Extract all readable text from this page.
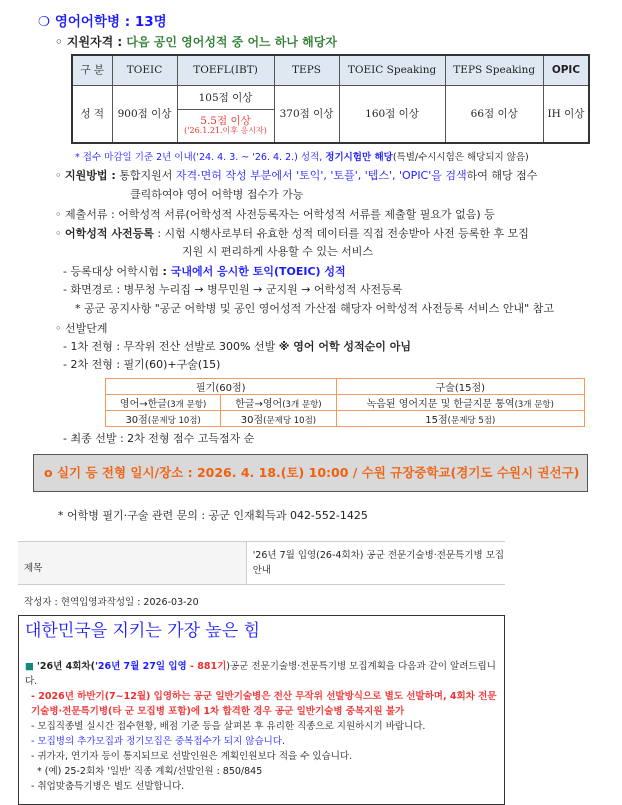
❍ 영어어학병 : 13명
◦ 지원자격 : 다음 공인 영어성적 중 어느 하나 해당자
구 분	TOEIC	TOEFL(IBT)	TEPS	TOEIC Speaking	TEPS Speaking	OPIC
성 적	900점 이상	105점 이상	370점 이상	160점 이상	66점 이상	IH 이상

		5.5점 이상
('26.1.21.이후 응시자)				
* 접수 마감일 기준 2년 이내('24. 4. 3. ~ '26. 4. 2.) 성적, 정기시험만 해당(특별/수시시험은 해당되지 않음)
◦ 지원방법 : 통합지원서 자격·면허 작성 부분에서 '토익', '토플', '텝스', 'OPIC'을 검색하여 해당 점수
클릭하여야 영어 어학병 접수가 가능
◦ 제출서류 : 어학성적 서류(어학성적 사전등록자는 어학성적 서류를 제출할 필요가 없음) 등
◦ 어학성적 사전등록 : 시험 시행사로부터 유효한 성적 데이터를 직접 전송받아 사전 등록한 후 모집
지원 시 편리하게 사용할 수 있는 서비스
- 등록대상 어학시험 : 국내에서 응시한 토익(TOEIC) 성적
- 화면경로 : 병무청 누리집 → 병무민원 → 군지원 → 어학성적 사전등록
* 공군 공지사항 "공군 어학병 및 공인 영어성적 가산점 해당자 어학성적 사전등록 서비스 안내" 참고
◦ 선발단계
- 1차 전형 : 무작위 전산 선발로 300% 선발 ※ 영어 어학 성적순이 아님
- 2차 전형 : 필기(60)+구술(15)
필기(60점)		구술(15점)
영어→한글(3개 문항)	한글→영어(3개 문항)	녹음된 영어지문 및 한글지문 통역(3개 문항)
30점(문제당 10점)	30점(문제당 10점)	15점(문제당 5점)
- 최종 선발 : 2차 전형 점수 고득점자 순
o 실기 등 전형 일시/장소 : 2026. 4. 18.(토) 10:00 / 수원 규장중학교(경기도 수원시 권선구)
* 어학병 필기·구술 관련 문의 : 공군 인재획득과 042-552-1425
제목
'26년 7월 입영(26-4회차) 공군 전문기술병·전문특기병 모집안내
작성자 : 현역입영과작성일 : 2026-03-20
대한민국을 지키는 가장 높은 힘
■ '26년 4회차('26년 7월 27일 입영 - 881기)공군 전문기술병·전문특기병 모집계획을 다음과 같이 알려드립니다.
- 2026년 하반기(7~12월) 입영하는 공군 일반기술병은 전산 무작위 선발방식으로 별도 선발하며, 4회차 전문기술병·전문특기병(타 군 모집병 포함)에 1차 합격한 경우 공군 일반기술병 중복지원 불가
- 모집직종별 실시간 접수현황, 배점 기준 등을 살펴본 후 유리한 직종으로 지원하시기 바랍니다.
- 모집병의 추가모집과 정기모집은 중복접수가 되지 않습니다.
- 귀가자, 연기자 등이 통지되므로 선발인원은 계획인원보다 적을 수 있습니다.
* (예) 25-2회차 '일반' 직종 계획/선발인원 : 850/845
- 취업맞춤특기병은 별도 선발합니다.
